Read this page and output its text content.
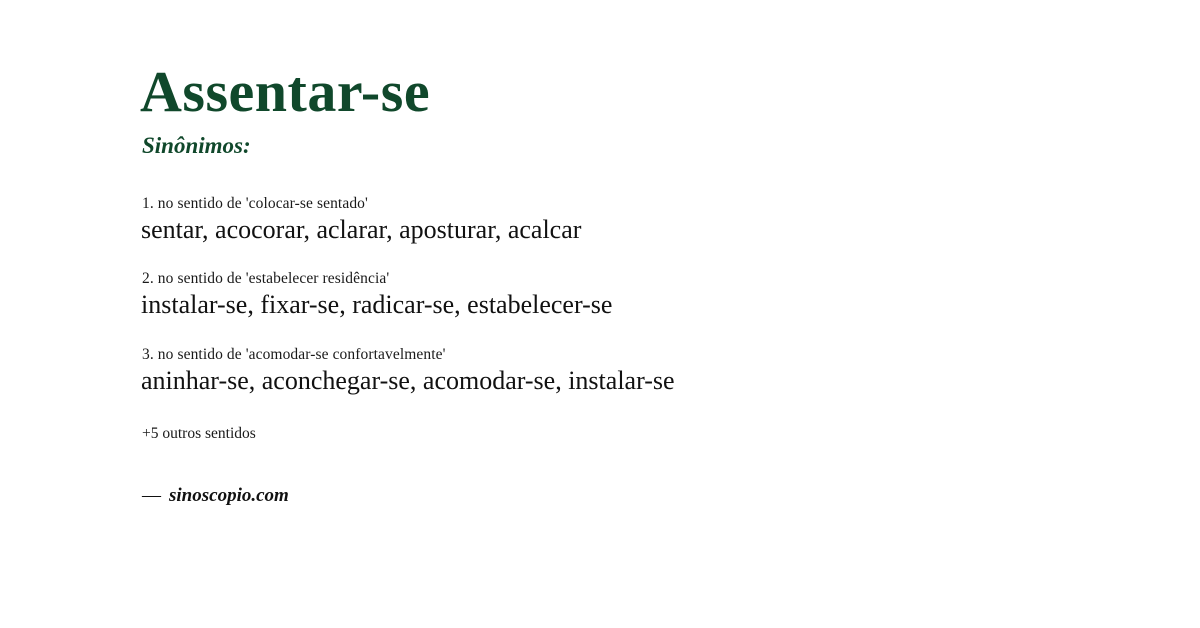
Assentar-se
Sinônimos:
1. no sentido de 'colocar-se sentado'
sentar, acocorar, aclarar, aposturar, acalcar
2. no sentido de 'estabelecer residência'
instalar-se, fixar-se, radicar-se, estabelecer-se
3. no sentido de 'acomodar-se confortavelmente'
aninhar-se, aconchegar-se, acomodar-se, instalar-se
+5 outros sentidos
— sinoscopio.com
